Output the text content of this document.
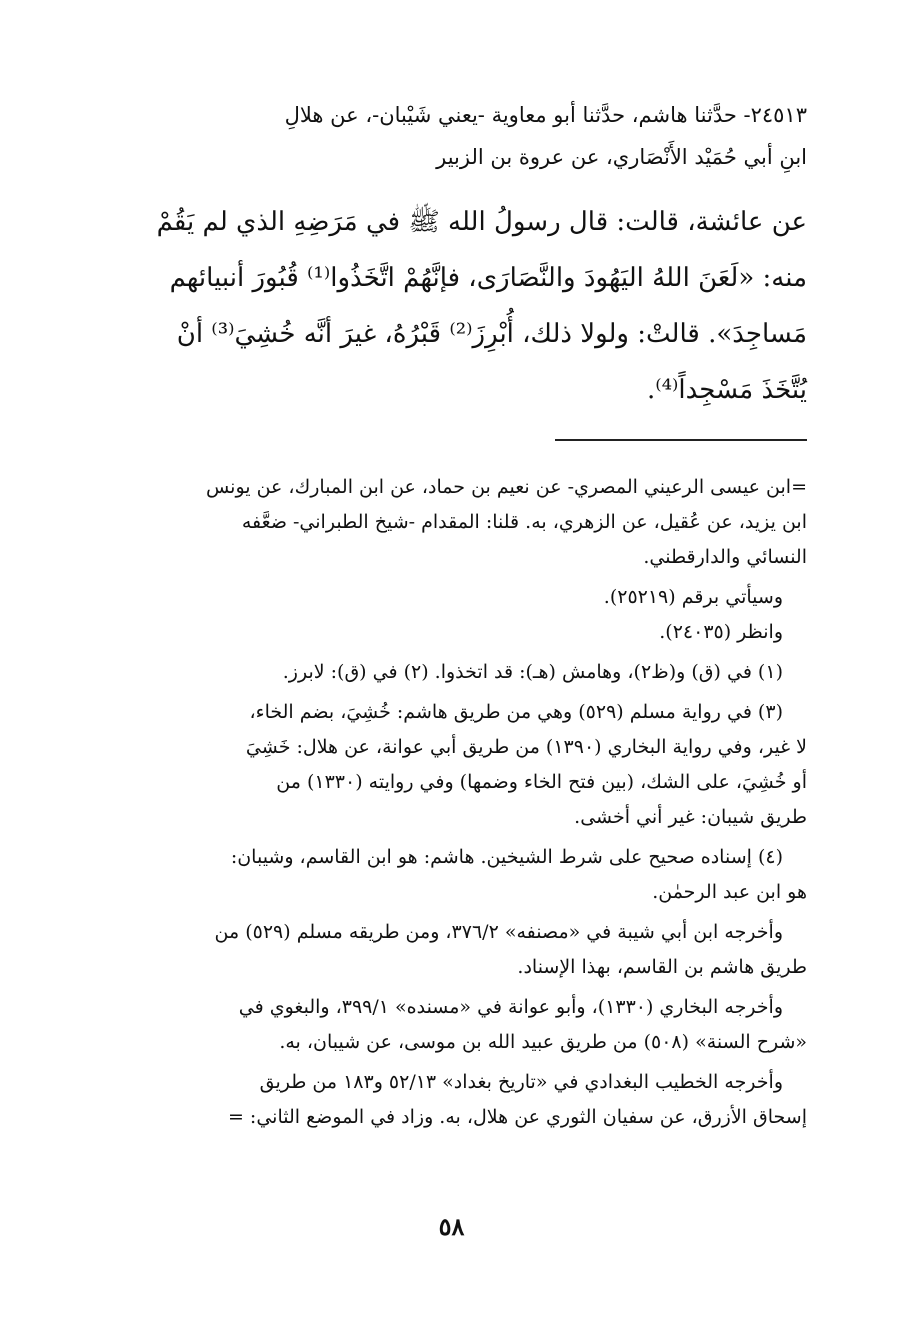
٢٤٥١٣- حدَّثنا هاشم، حدَّثنا أبو معاوية -يعني شَيْبان-، عن هلالِ
ابنِ أبي حُمَيْد الأَنْصَاري، عن عروة بن الزبير
عن عائشة، قالت: قال رسولُ الله ﷺ في مَرَضِهِ الذي لم يَقُمْ
منه: «لَعَنَ اللهُ اليَهُودَ والنَّصَارَى، فإنَّهُمْ اتَّخَذُوا⁽¹⁾ قُبُورَ أنبيائهم
مَساجِدَ». قالتْ: ولولا ذلك، أُبْرِزَ⁽²⁾ قَبْرُهُ، غيرَ أنَّه خُشِيَ⁽³⁾ أنْ
يُتَّخَذَ مَسْجِداً⁽⁴⁾.

=ابن عيسى الرعيني المصري- عن نعيم بن حماد، عن ابن المبارك، عن يونس
ابن يزيد، عن عُقيل، عن الزهري، به. قلنا: المقدام -شيخ الطبراني- ضعَّفه
النسائي والدارقطني.

وسيأتي برقم (٢٥٢١٩).

وانظر (٢٤٠٣٥).

(١) في (ق) و(ظ٢)، وهامش (هـ): قد اتخذوا. (٢) في (ق): لابرز.

(٣) في رواية مسلم (٥٢٩) وهي من طريق هاشم: خُشِيَ، بضم الخاء،
لا غير، وفي رواية البخاري (١٣٩٠) من طريق أبي عوانة، عن هلال: خَشِيَ
أو خُشِيَ، على الشك، (بين فتح الخاء وضمها) وفي روايته (١٣٣٠) من
طريق شيبان: غير أني أخشى.

(٤) إسناده صحيح على شرط الشيخين. هاشم: هو ابن القاسم، وشيبان:
هو ابن عبد الرحمٰن.

وأخرجه ابن أبي شيبة في «مصنفه» ٣٧٦/٢، ومن طريقه مسلم (٥٢٩) من
طريق هاشم بن القاسم، بهذا الإسناد.

وأخرجه البخاري (١٣٣٠)، وأبو عوانة في «مسنده» ٣٩٩/١، والبغوي في
«شرح السنة» (٥٠٨) من طريق عبيد الله بن موسى، عن شيبان، به.

وأخرجه الخطيب البغدادي في «تاريخ بغداد» ٥٢/١٣ و١٨٣ من طريق
إسحاق الأزرق، عن سفيان الثوري عن هلال، به. وزاد في الموضع الثاني: =

٥٨
